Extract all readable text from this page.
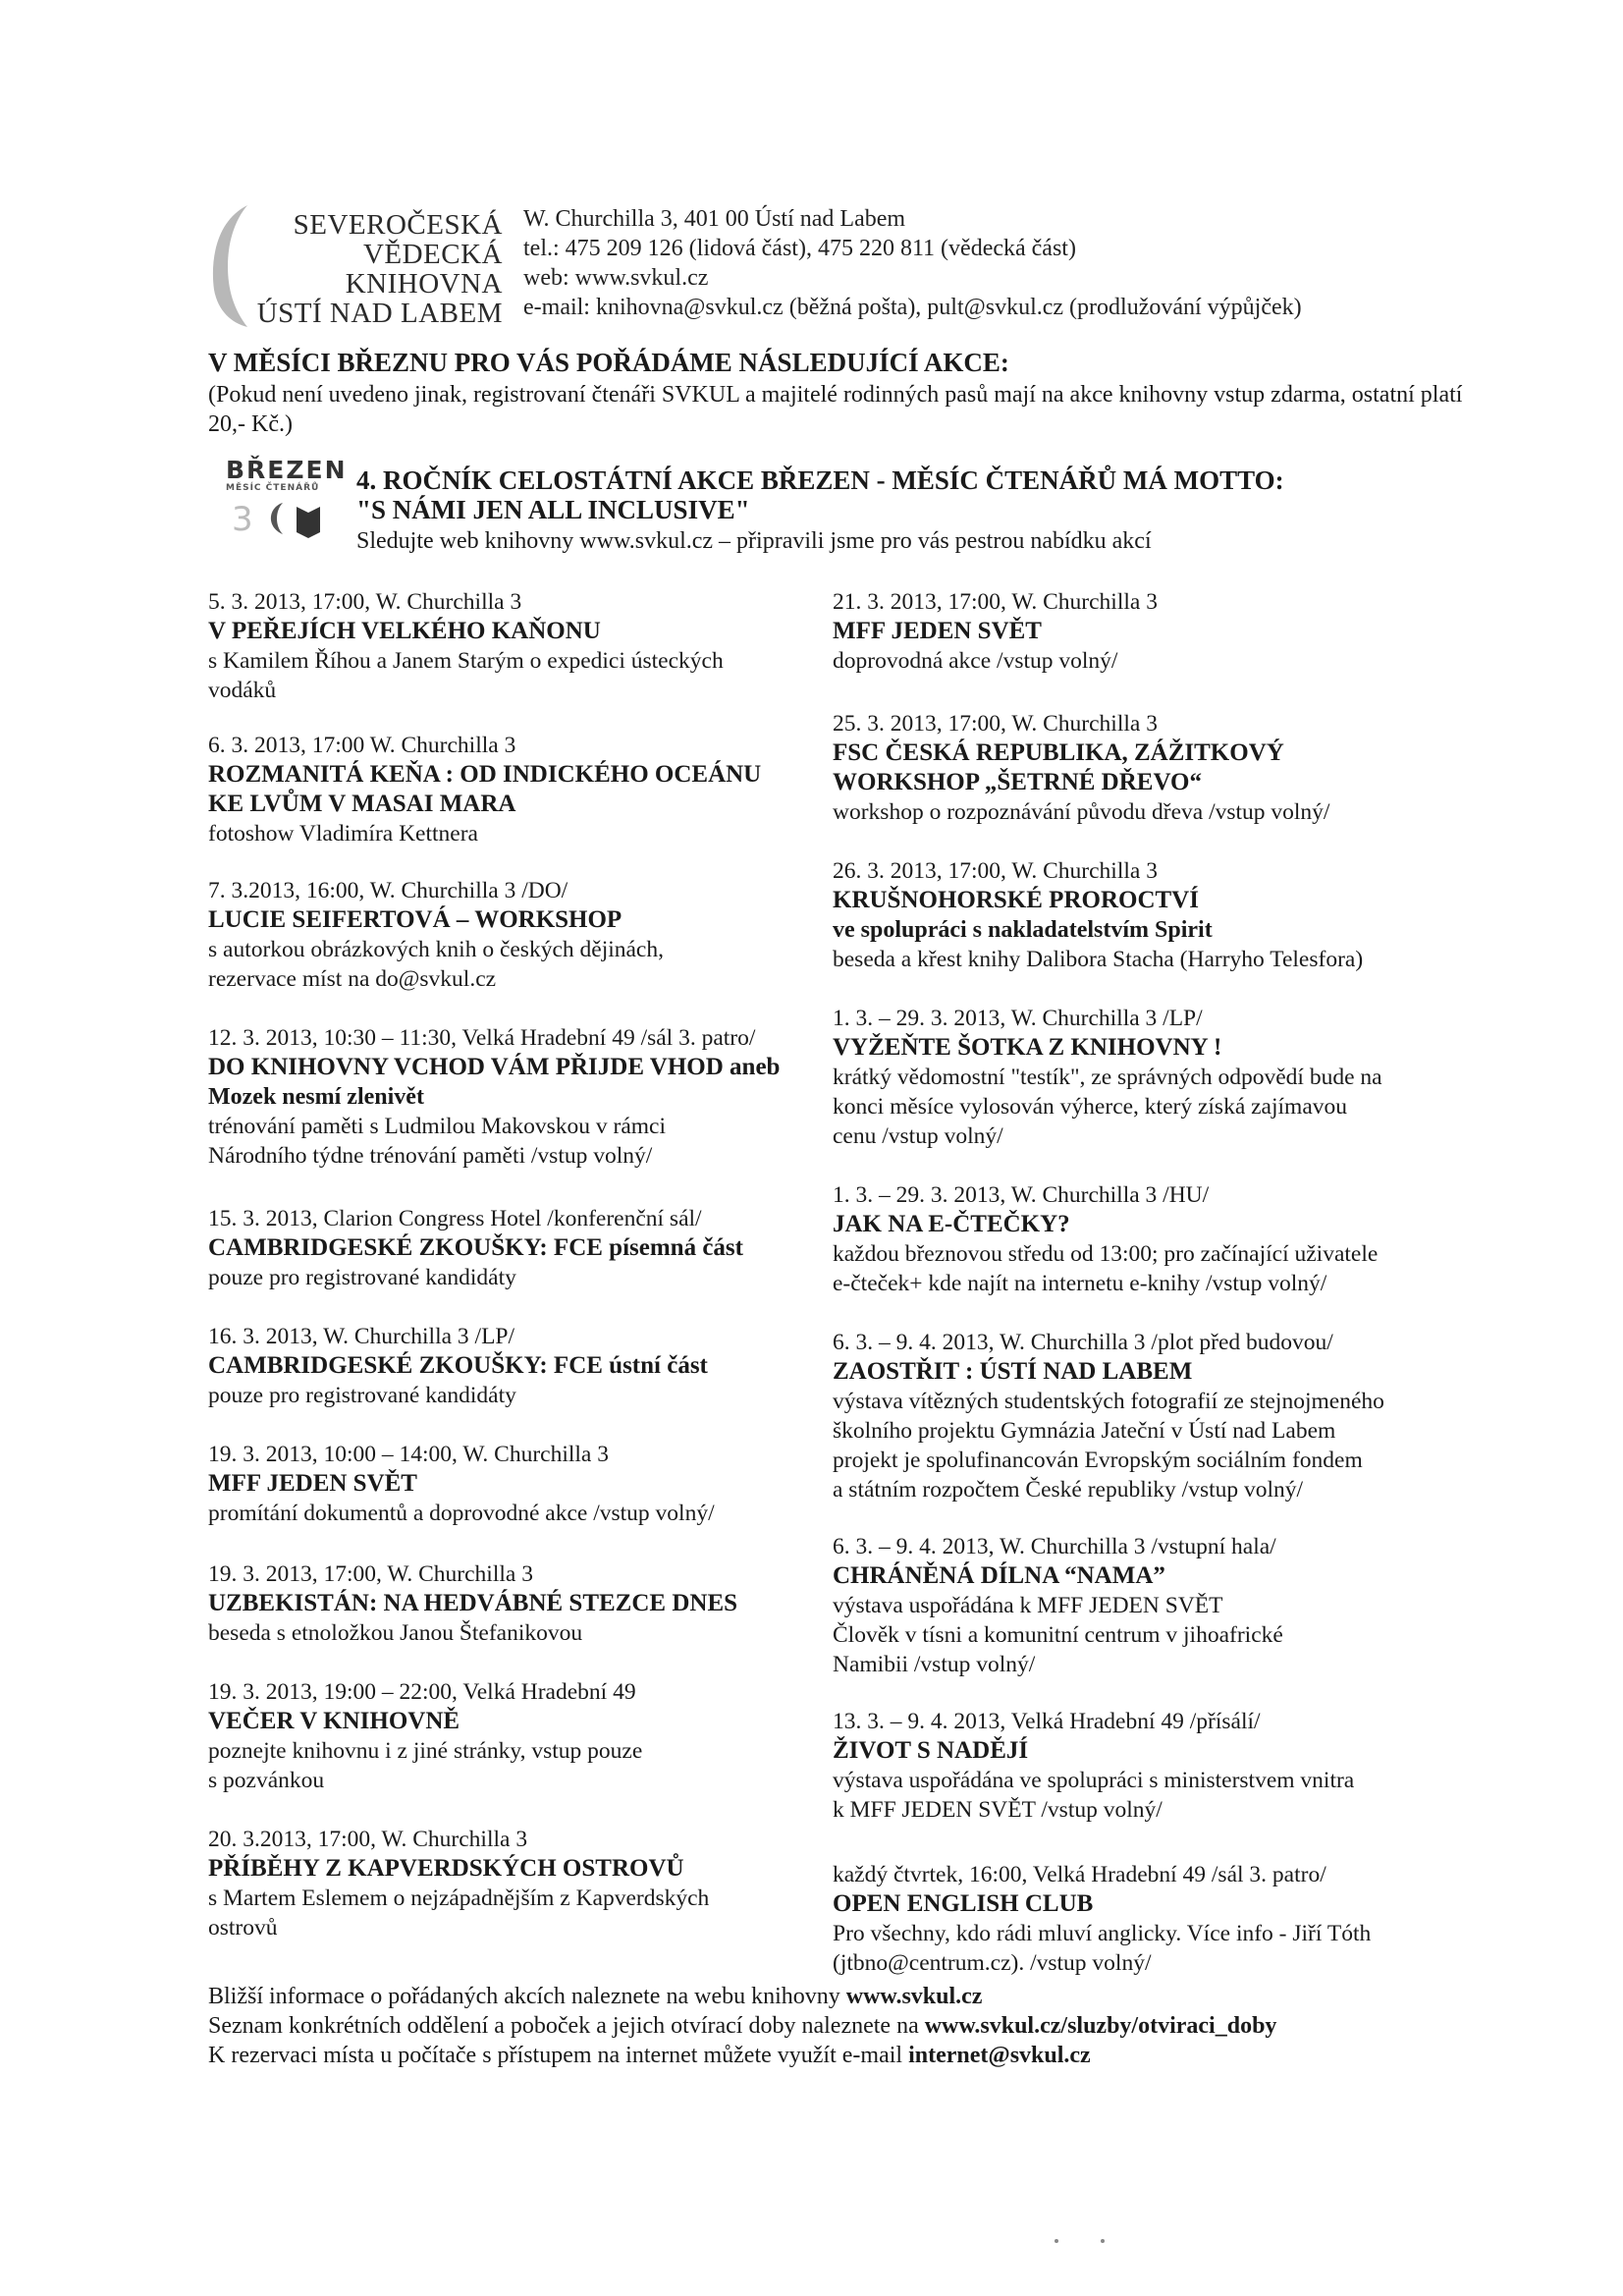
SEVEROČESKÁ
VĚDECKÁ
KNIHOVNA
ÚSTÍ NAD LABEM
W. Churchilla 3, 401 00 Ústí nad Labem
tel.: 475 209 126 (lidová část), 475 220 811 (vědecká část)
web: www.svkul.cz
e-mail: knihovna@svkul.cz (běžná pošta), pult@svkul.cz (prodlužování výpůjček)
V MĚSÍCI BŘEZNU PRO VÁS POŘÁDÁME NÁSLEDUJÍCÍ AKCE:
(Pokud není uvedeno jinak, registrovaní čtenáři SVKUL a majitelé rodinných pasů mají na akce knihovny vstup zdarma, ostatní platí 20,- Kč.)
BŘEZEN
MĚSÍC ČTENÁŘŮ
3
4. ROČNÍK CELOSTÁTNÍ AKCE BŘEZEN - MĚSÍC ČTENÁŘŮ MÁ MOTTO:
"S NÁMI JEN ALL INCLUSIVE"
Sledujte web knihovny www.svkul.cz – připravili jsme pro vás pestrou nabídku akcí
5. 3. 2013, 17:00, W. Churchilla 3
V PEŘEJÍCH VELKÉHO KAŇONU
s Kamilem Říhou a Janem Starým o expedici ústeckých
vodáků
6. 3. 2013, 17:00 W. Churchilla 3
ROZMANITÁ KEŇA : OD INDICKÉHO OCEÁNU
KE LVŮM V MASAI MARA
fotoshow Vladimíra Kettnera
7. 3.2013, 16:00, W. Churchilla 3 /DO/
LUCIE SEIFERTOVÁ – WORKSHOP
s autorkou obrázkových knih o českých dějinách,
rezervace míst na do@svkul.cz
12. 3. 2013, 10:30 – 11:30, Velká Hradební 49 /sál 3. patro/
DO KNIHOVNY VCHOD VÁM PŘIJDE VHOD aneb
Mozek nesmí zlenivět
trénování paměti s Ludmilou Makovskou v rámci
Národního týdne trénování paměti /vstup volný/
15. 3. 2013, Clarion Congress Hotel /konferenční sál/
CAMBRIDGESKÉ ZKOUŠKY: FCE písemná část
pouze pro registrované kandidáty
16. 3. 2013, W. Churchilla 3 /LP/
CAMBRIDGESKÉ ZKOUŠKY: FCE ústní část
pouze pro registrované kandidáty
19. 3. 2013, 10:00 – 14:00, W. Churchilla 3
MFF JEDEN SVĚT
promítání dokumentů a doprovodné akce /vstup volný/
19. 3. 2013, 17:00, W. Churchilla 3
UZBEKISTÁN: NA HEDVÁBNÉ STEZCE DNES
beseda s etnoložkou Janou Štefanikovou
19. 3. 2013, 19:00 – 22:00, Velká Hradební 49
VEČER V KNIHOVNĚ
poznejte knihovnu i z jiné stránky, vstup pouze
s pozvánkou
20. 3.2013, 17:00, W. Churchilla 3
PŘÍBĚHY Z KAPVERDSKÝCH OSTROVŮ
s Martem Eslemem o nejzápadnějším z Kapverdských
ostrovů
21. 3. 2013, 17:00, W. Churchilla 3
MFF JEDEN SVĚT
doprovodná akce /vstup volný/
25. 3. 2013, 17:00, W. Churchilla 3
FSC ČESKÁ REPUBLIKA, ZÁŽITKOVÝ
WORKSHOP „ŠETRNÉ DŘEVO“
workshop o rozpoznávání původu dřeva /vstup volný/
26. 3. 2013, 17:00, W. Churchilla 3
KRUŠNOHORSKÉ PROROCTVÍ
ve spolupráci s nakladatelstvím Spirit
beseda a křest knihy Dalibora Stacha (Harryho Telesfora)
1. 3. – 29. 3. 2013, W. Churchilla 3 /LP/
VYŽEŇTE ŠOTKA Z KNIHOVNY !
krátký vědomostní "testík", ze správných odpovědí bude na
konci měsíce vylosován výherce, který získá zajímavou
cenu /vstup volný/
1. 3. – 29. 3. 2013, W. Churchilla 3 /HU/
JAK NA E-ČTEČKY?
každou březnovou středu od 13:00; pro začínající uživatele
e-čteček+ kde najít na internetu e-knihy /vstup volný/
6. 3. – 9. 4. 2013, W. Churchilla 3 /plot před budovou/
ZAOSTŘIT : ÚSTÍ NAD LABEM
výstava vítězných studentských fotografií ze stejnojmeného
školního projektu Gymnázia Jateční v Ústí nad Labem
projekt je spolufinancován Evropským sociálním fondem
a státním rozpočtem České republiky /vstup volný/
6. 3. – 9. 4. 2013, W. Churchilla 3 /vstupní hala/
CHRÁNĚNÁ DÍLNA “NAMA”
výstava uspořádána k MFF JEDEN SVĚT
Člověk v tísni a komunitní centrum v jihoafrické
Namibii /vstup volný/
13. 3. – 9. 4. 2013, Velká Hradební 49 /přísálí/
ŽIVOT S NADĚJÍ
výstava uspořádána ve spolupráci s ministerstvem vnitra
k MFF JEDEN SVĚT /vstup volný/
každý čtvrtek, 16:00, Velká Hradební 49 /sál 3. patro/
OPEN ENGLISH CLUB
Pro všechny, kdo rádi mluví anglicky. Více info - Jiří Tóth
(jtbno@centrum.cz). /vstup volný/
Bližší informace o pořádaných akcích naleznete na webu knihovny www.svkul.cz
Seznam konkrétních oddělení a poboček a jejich otvírací doby naleznete na www.svkul.cz/sluzby/otviraci_doby
K rezervaci místa u počítače s přístupem na internet můžete využít e-mail internet@svkul.cz
